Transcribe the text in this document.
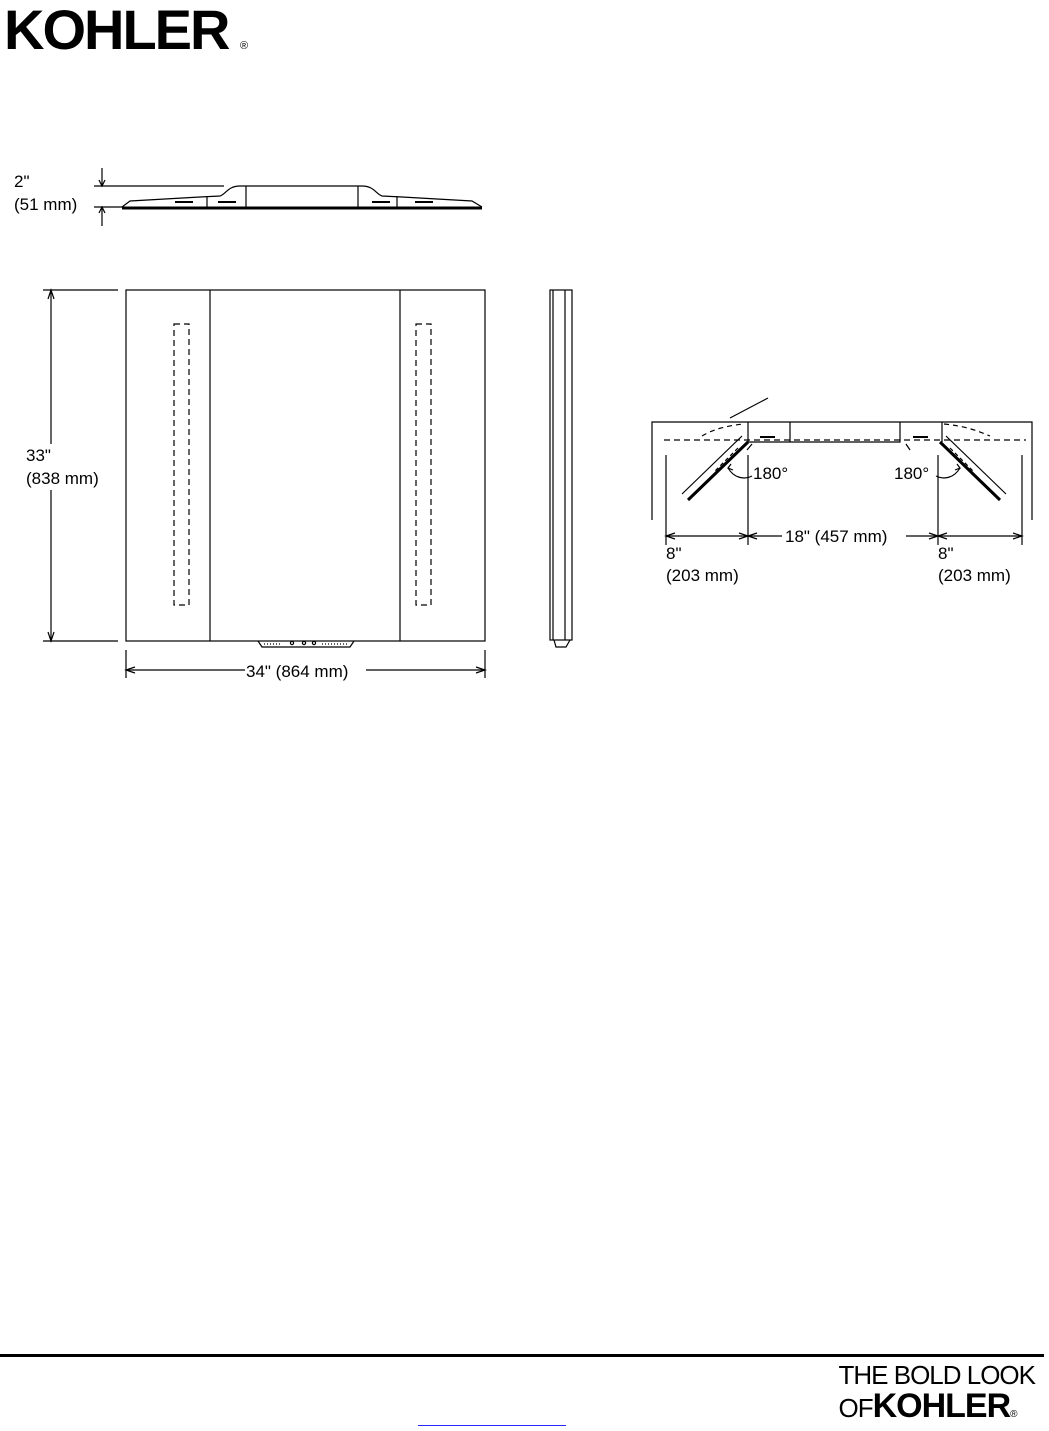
KOHLER ®
2"
(51 mm)
33"
(838 mm)
34" (864 mm)
180°	180°
8"
(203 mm)
18" (457 mm)
8"
(203 mm)
THE BOLD LOOK
OFKOHLER®
